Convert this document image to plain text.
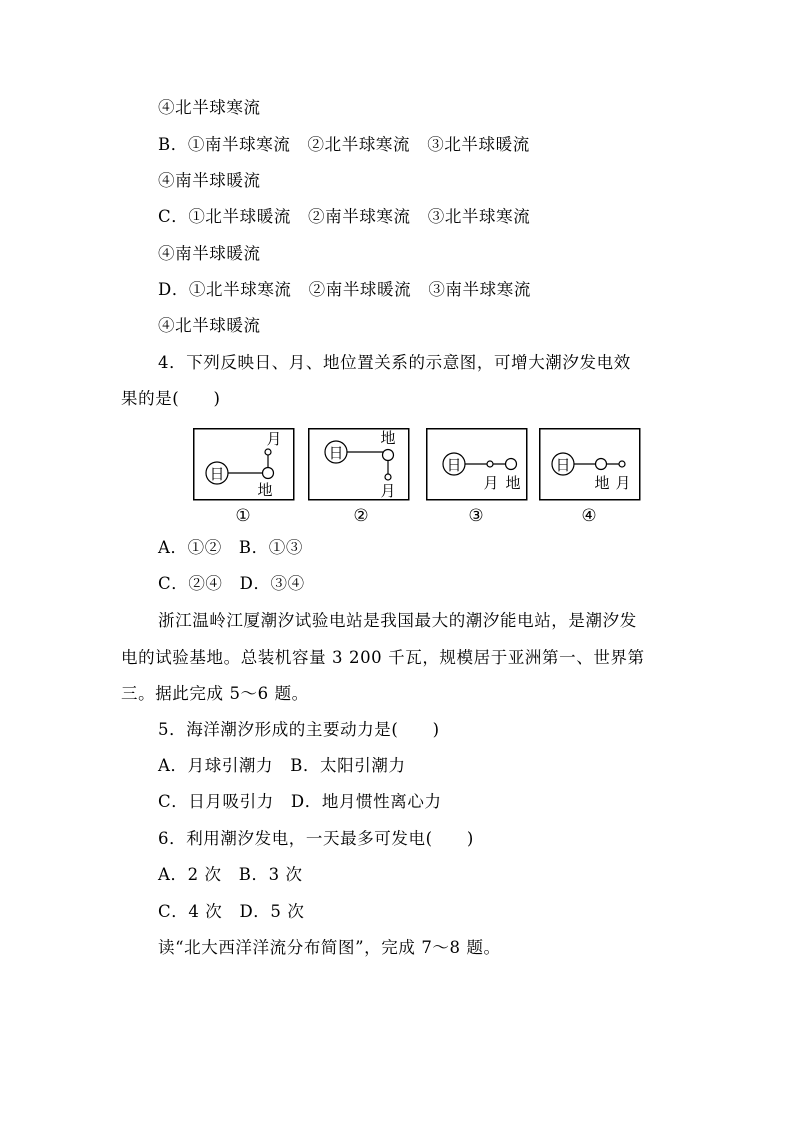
④北半球寒流
B．①南半球寒流　②北半球寒流　③北半球暖流
④南半球暖流
C．①北半球暖流　②南半球寒流　③北半球寒流
④南半球暖流
D．①北半球寒流　②南半球暖流　③南半球寒流
④北半球暖流
4．下列反映日、月、地位置关系的示意图，可增大潮汐发电效
果的是(　　)
日
月
地
①
日
地
月
②
日
月 地
③
日
地 月
④
A．①②　B．①③
C．②④　D．③④
浙江温岭江厦潮汐试验电站是我国最大的潮汐能电站，是潮汐发
电的试验基地。总装机容量 3 200 千瓦，规模居于亚洲第一、世界第
三。据此完成 5～6 题。
5．海洋潮汐形成的主要动力是(　　)
A．月球引潮力　B．太阳引潮力
C．日月吸引力　D．地月惯性离心力
6．利用潮汐发电，一天最多可发电(　　)
A．2 次　B．3 次
C．4 次　D．5 次
读“北大西洋洋流分布简图”，完成 7～8 题。
